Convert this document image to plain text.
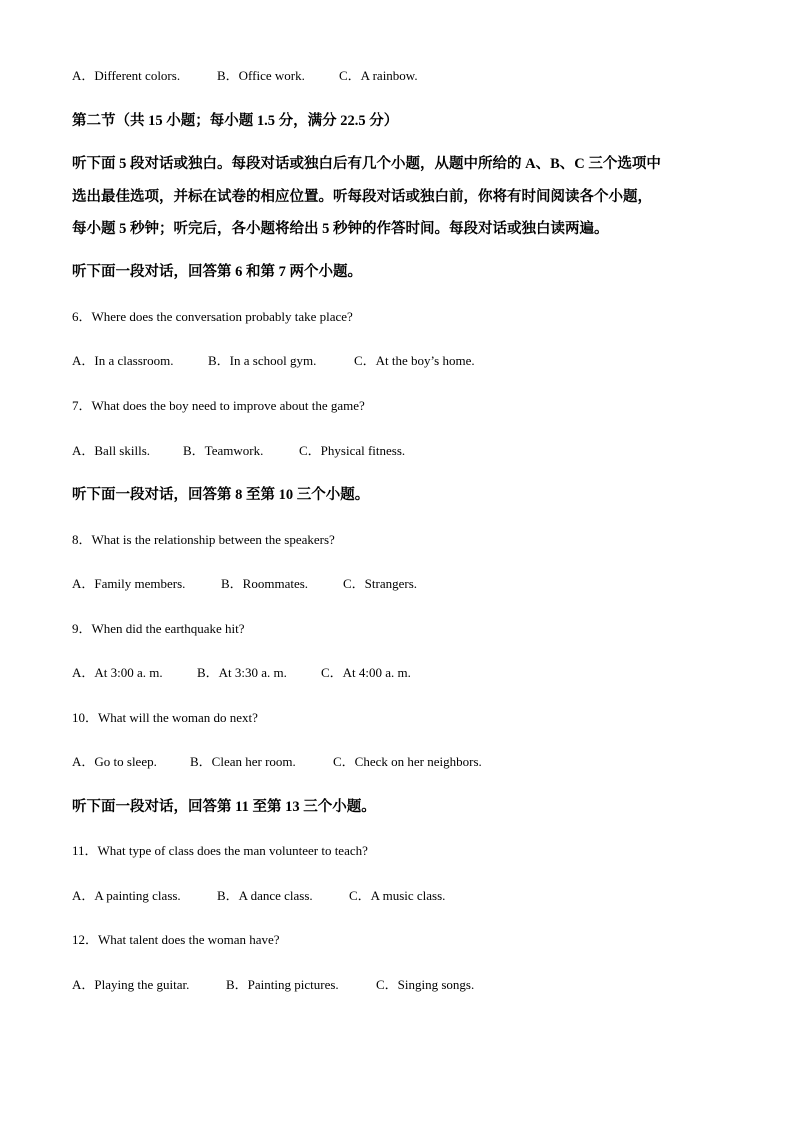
A．Different colors.	B．Office work.	C．A rainbow.
第二节（共 15 小题；每小题 1.5 分，满分 22.5 分）
听下面 5 段对话或独白。每段对话或独白后有几个小题，从题中所给的 A、B、C 三个选项中
选出最佳选项，并标在试卷的相应位置。听每段对话或独白前，你将有时间阅读各个小题，
每小题 5 秒钟；听完后，各小题将给出 5 秒钟的作答时间。每段对话或独白读两遍。
听下面一段对话，回答第 6 和第 7 两个小题。
6．Where does the conversation probably take place?
A．In a classroom.	B．In a school gym.	C．At the boy’s home.
7．What does the boy need to improve about the game?
A．Ball skills.	B．Teamwork.	C．Physical fitness.
听下面一段对话，回答第 8 至第 10 三个小题。
8．What is the relationship between the speakers?
A．Family members.	B．Roommates.	C．Strangers.
9．When did the earthquake hit?
A．At 3:00 a. m.	B．At 3:30 a. m.	C．At 4:00 a. m.
10．What will the woman do next?
A．Go to sleep.	B．Clean her room.	C．Check on her neighbors.
听下面一段对话，回答第 11 至第 13 三个小题。
11．What type of class does the man volunteer to teach?
A．A painting class.	B．A dance class.	C．A music class.
12．What talent does the woman have?
A．Playing the guitar.	B．Painting pictures.	C．Singing songs.
